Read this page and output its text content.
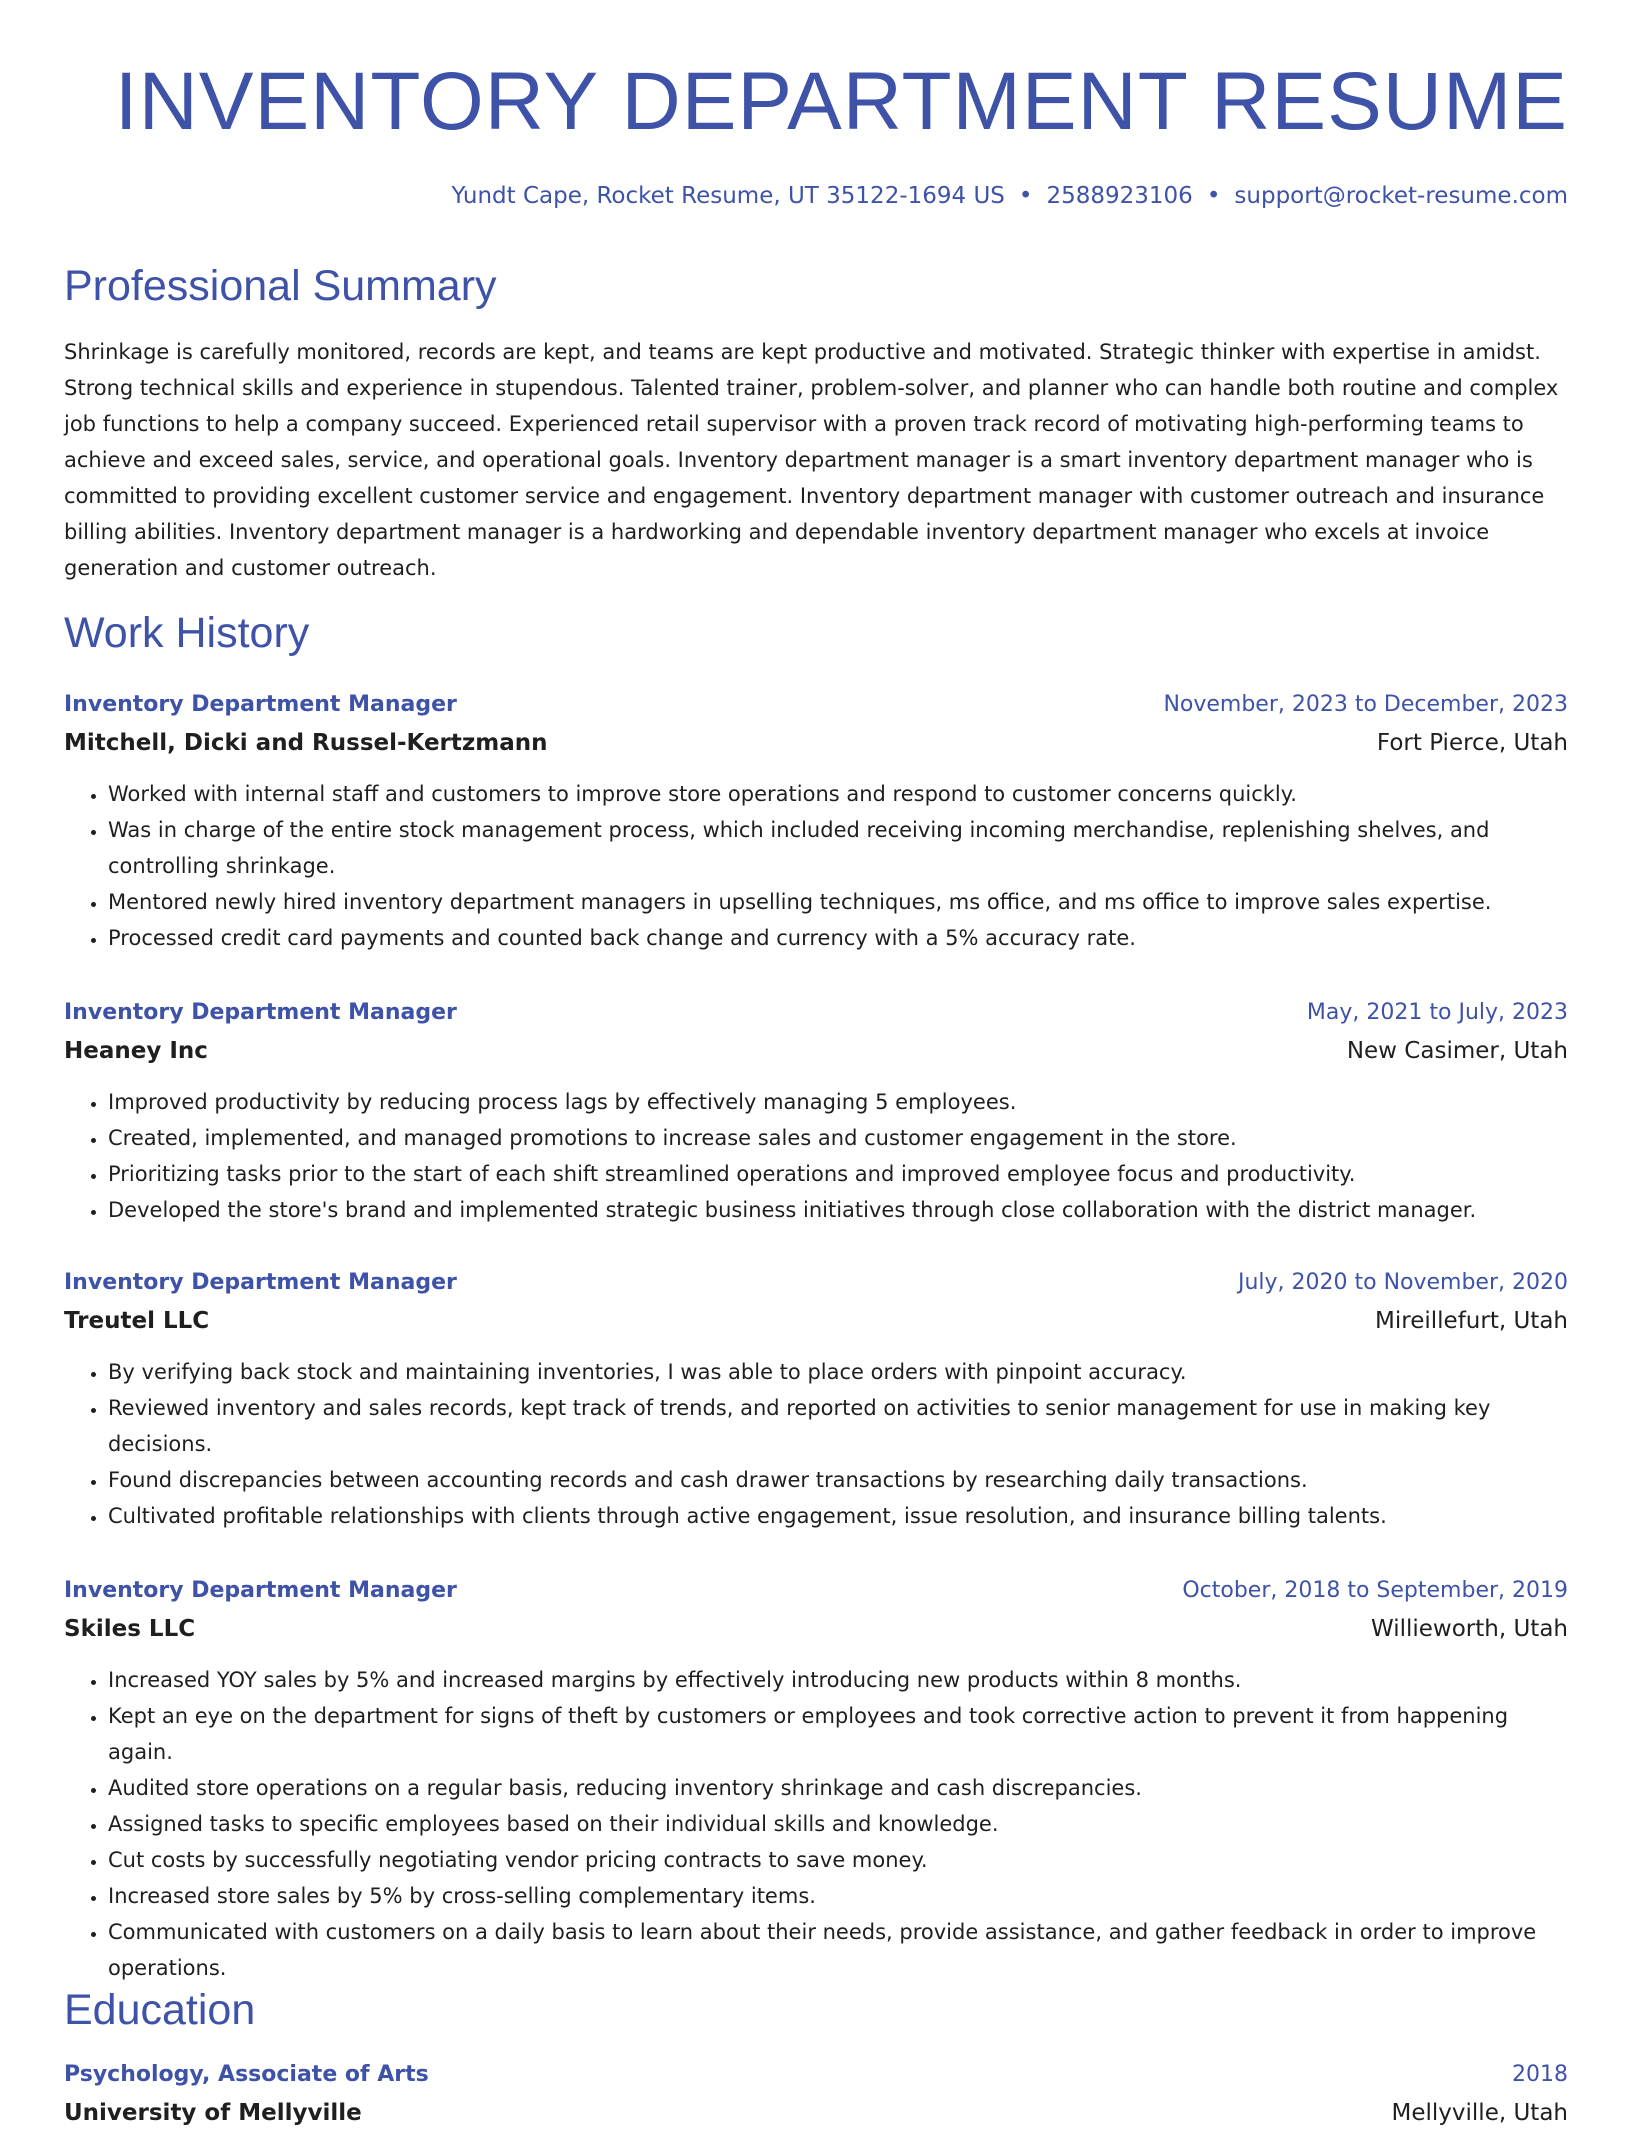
INVENTORY DEPARTMENT RESUME
Yundt Cape, Rocket Resume, UT 35122-1694 US • 2588923106 • support@rocket-resume.com
Professional Summary

Shrinkage is carefully monitored, records are kept, and teams are kept productive and motivated. Strategic thinker with expertise in amidst. Strong technical skills and experience in stupendous. Talented trainer, problem-solver, and planner who can handle both routine and complex job functions to help a company succeed. Experienced retail supervisor with a proven track record of motivating high-performing teams to achieve and exceed sales, service, and operational goals. Inventory department manager is a smart inventory department manager who is committed to providing excellent customer service and engagement. Inventory department manager with customer outreach and insurance billing abilities. Inventory department manager is a hardworking and dependable inventory department manager who excels at invoice generation and customer outreach.

Work History
Inventory Department Manager	November, 2023 to December, 2023
Mitchell, Dicki and Russel-Kertzmann	Fort Pierce, Utah
• Worked with internal staff and customers to improve store operations and respond to customer concerns quickly.
• Was in charge of the entire stock management process, which included receiving incoming merchandise, replenishing shelves, and controlling shrinkage.
• Mentored newly hired inventory department managers in upselling techniques, ms office, and ms office to improve sales expertise.
• Processed credit card payments and counted back change and currency with a 5% accuracy rate.
Inventory Department Manager	May, 2021 to July, 2023
Heaney Inc	New Casimer, Utah
• Improved productivity by reducing process lags by effectively managing 5 employees.
• Created, implemented, and managed promotions to increase sales and customer engagement in the store.
• Prioritizing tasks prior to the start of each shift streamlined operations and improved employee focus and productivity.
• Developed the store's brand and implemented strategic business initiatives through close collaboration with the district manager.
Inventory Department Manager	July, 2020 to November, 2020
Treutel LLC	Mireillefurt, Utah
• By verifying back stock and maintaining inventories, I was able to place orders with pinpoint accuracy.
• Reviewed inventory and sales records, kept track of trends, and reported on activities to senior management for use in making key decisions.
• Found discrepancies between accounting records and cash drawer transactions by researching daily transactions.
• Cultivated profitable relationships with clients through active engagement, issue resolution, and insurance billing talents.
Inventory Department Manager	October, 2018 to September, 2019
Skiles LLC	Willieworth, Utah
• Increased YOY sales by 5% and increased margins by effectively introducing new products within 8 months.
• Kept an eye on the department for signs of theft by customers or employees and took corrective action to prevent it from happening again.
• Audited store operations on a regular basis, reducing inventory shrinkage and cash discrepancies.
• Assigned tasks to specific employees based on their individual skills and knowledge.
• Cut costs by successfully negotiating vendor pricing contracts to save money.
• Increased store sales by 5% by cross-selling complementary items.
• Communicated with customers on a daily basis to learn about their needs, provide assistance, and gather feedback in order to improve operations.
Education
Psychology, Associate of Arts	2018
University of Mellyville	Mellyville, Utah
